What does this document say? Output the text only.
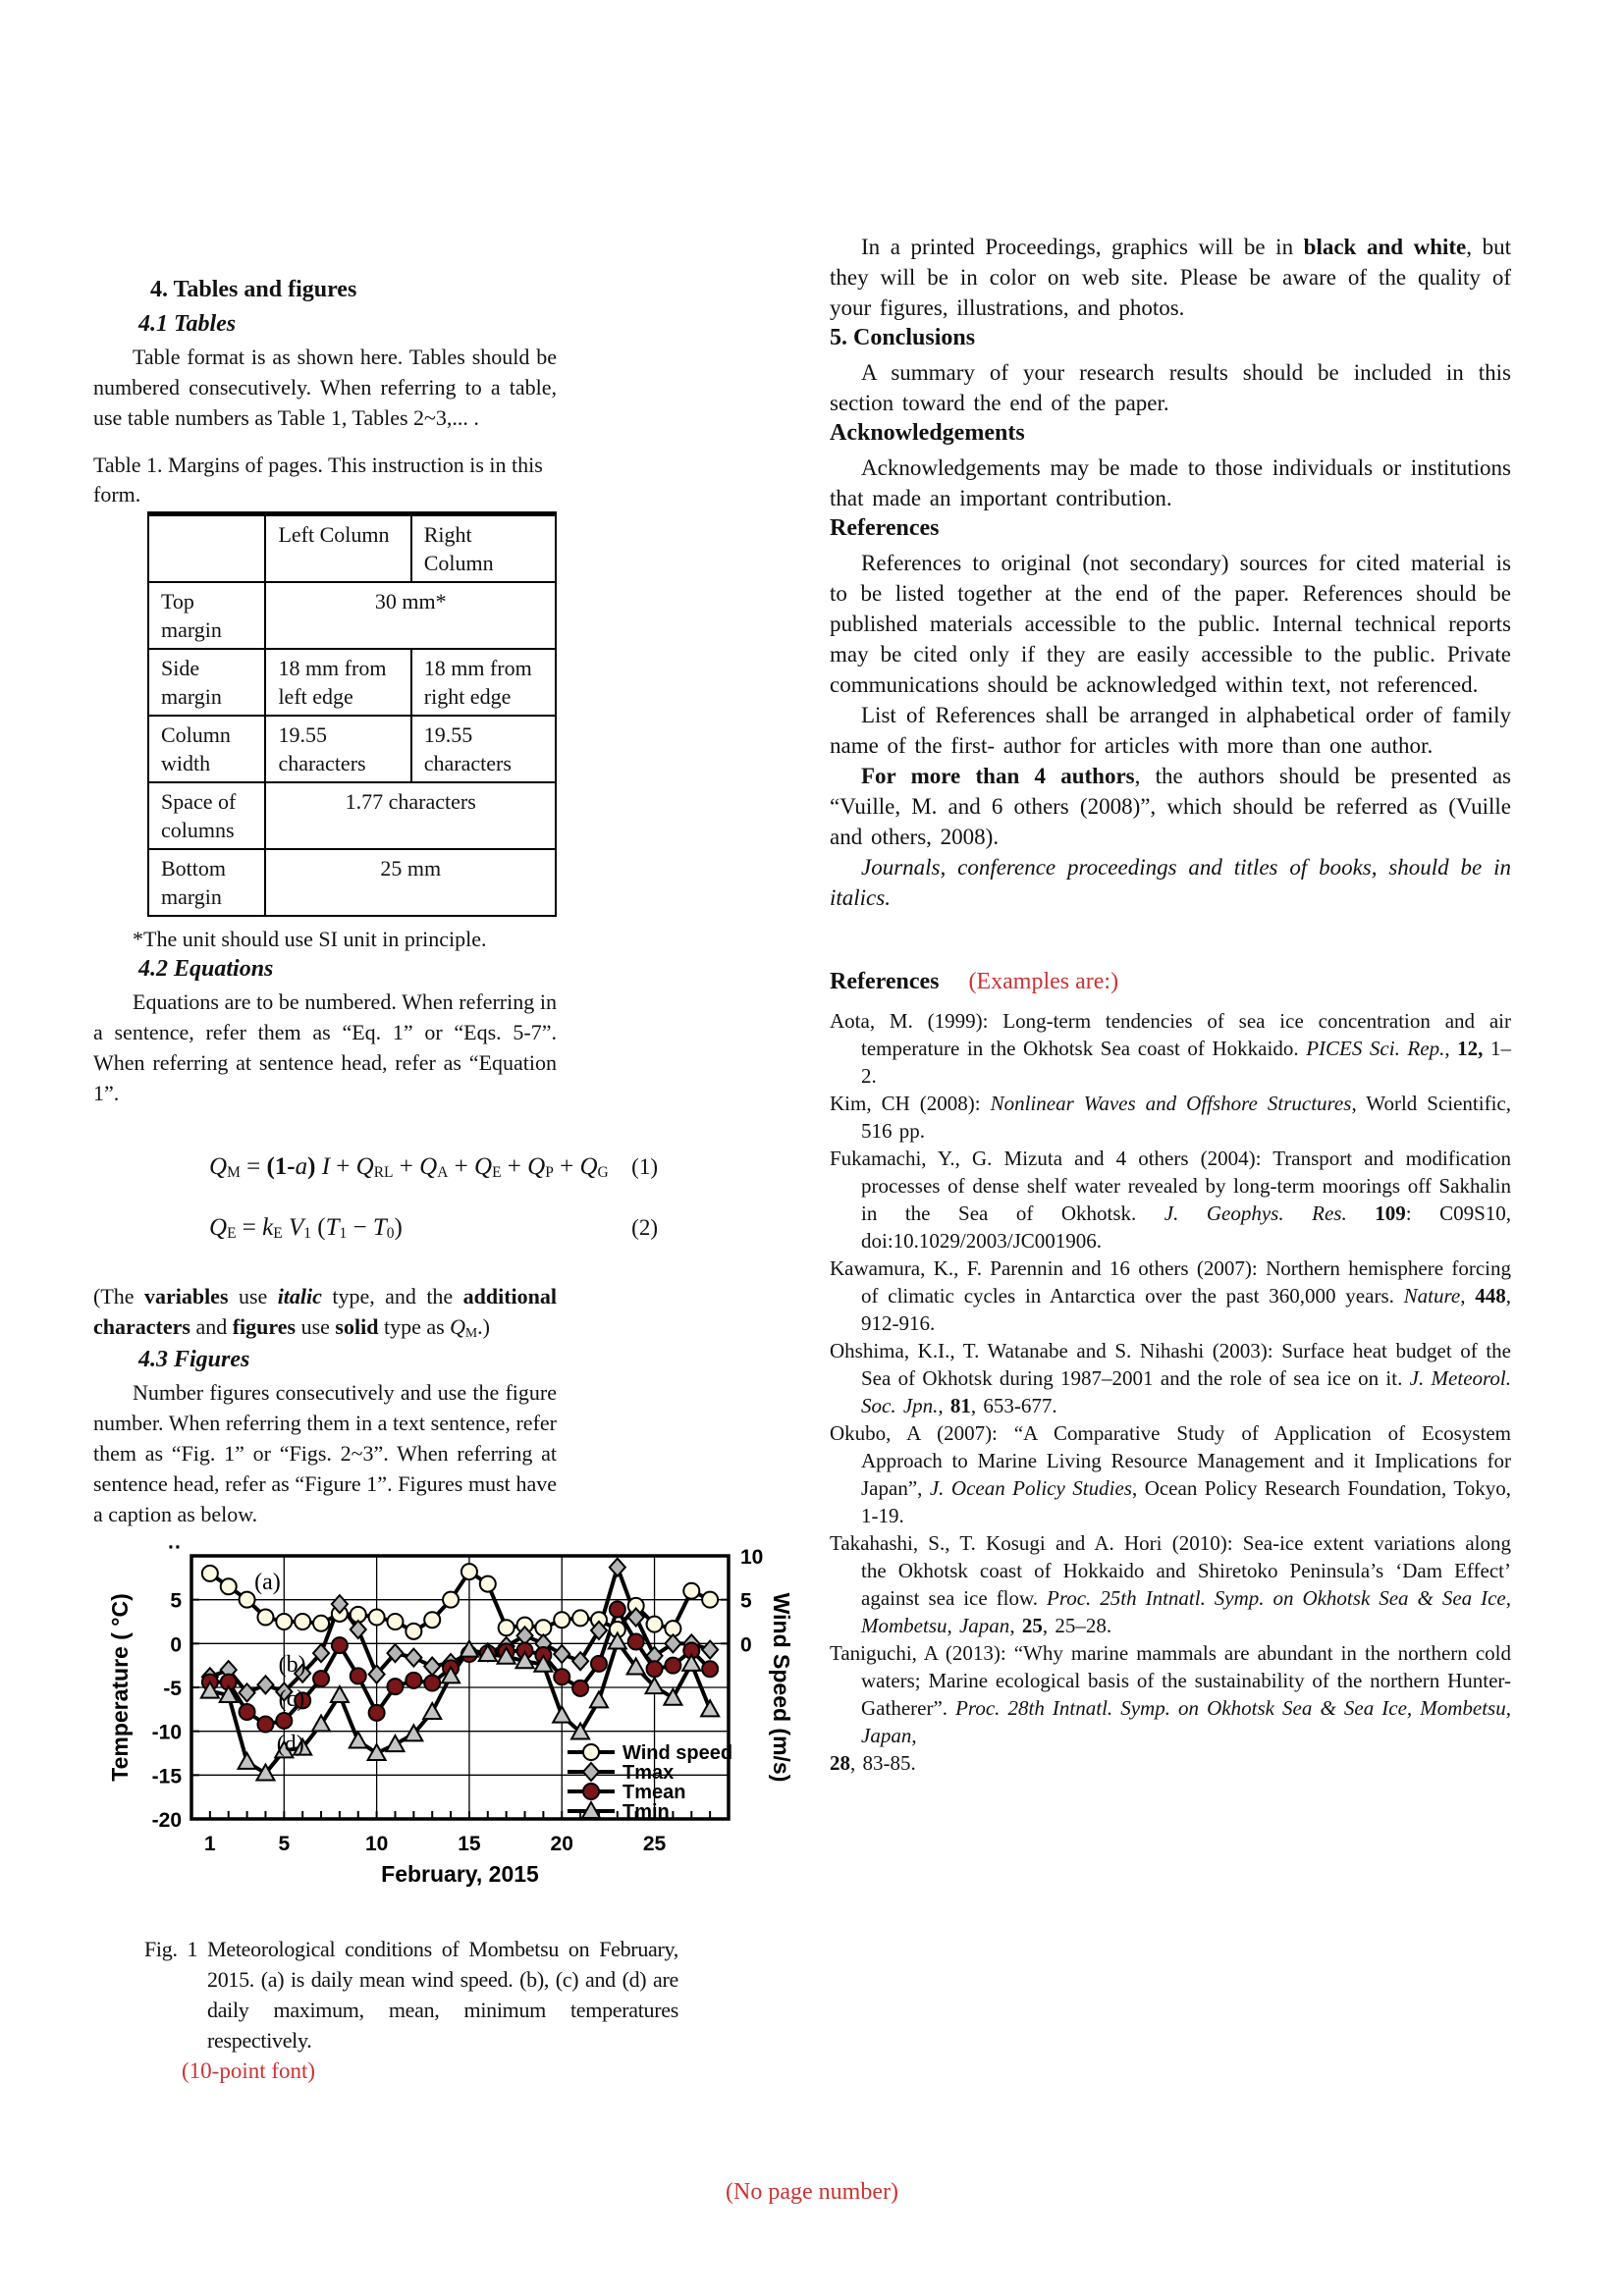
4. Tables and figures
4.1 Tables

Table format is as shown here. Tables should be numbered consecutively. When referring to a table, use table numbers as Table 1, Tables 2~3,... .

Table 1. Margins of pages. This instruction is in this form.

	Left Column	Right Column
Top margin	30 mm*	
Side margin	18 mm from left edge	18 mm from right edge
Column width	19.55 characters	19.55 characters
Space of columns	1.77 characters	
Bottom margin	25 mm	

*The unit should use SI unit in principle.

4.2 Equations

Equations are to be numbered. When referring in a sentence, refer them as “Eq. 1” or “Eqs. 5-7”. When referring at sentence head, refer as “Equation 1”.

QM = (1-a) I + QRL + QA + QE + QP + QG (1)
QE = kE V1 (T1 − T0)	(2)

(The variables use italic type, and the additional characters and figures use solid type as QM.)

4.3 Figures

Number figures consecutively and use the figure number. When referring them in a text sentence, refer them as “Fig. 1” or “Figs. 2~3”. When referring at sentence head, refer as “Figure 1”. Figures must have a caption as below.

5
0
-5
-10
-15
-20
··	10
5
0
1	5	10	15	20	25
Temperature ( °C)	Wind Speed (m/s)
February, 2015
(a)
(b)
(c)
(d)	Wind speed
Tmax
Tmean
Tmin

Fig. 1 Meteorological conditions of Mombetsu on February, 2015. (a) is daily mean wind speed. (b), (c) and (d) are daily maximum, mean, minimum temperatures respectively.

(10-point font)

In a printed Proceedings, graphics will be in black and white, but they will be in color on web site. Please be aware of the quality of your figures, illustrations, and photos.

5. Conclusions

A summary of your research results should be included in this section toward the end of the paper.

Acknowledgements

Acknowledgements may be made to those individuals or institutions that made an important contribution.

References

References to original (not secondary) sources for cited material is to be listed together at the end of the paper. References should be published materials accessible to the public. Internal technical reports may be cited only if they are easily accessible to the public. Private communications should be acknowledged within text, not referenced.

List of References shall be arranged in alphabetical order of family name of the first- author for articles with more than one author.

For more than 4 authors, the authors should be presented as “Vuille, M. and 6 others (2008)”, which should be referred as (Vuille and others, 2008).

Journals, conference proceedings and titles of books, should be in italics.

References (Examples are:)
Aota, M. (1999): Long-term tendencies of sea ice concentration and air temperature in the Okhotsk Sea coast of Hokkaido. PICES Sci. Rep., 12, 1–2.
Kim, CH (2008): Nonlinear Waves and Offshore Structures, World Scientific, 516 pp.
Fukamachi, Y., G. Mizuta and 4 others (2004): Transport and modification processes of dense shelf water revealed by long-term moorings off Sakhalin in the Sea of Okhotsk. J. Geophys. Res. 109: C09S10, doi:10.1029/2003/JC001906.
Kawamura, K., F. Parennin and 16 others (2007): Northern hemisphere forcing of climatic cycles in Antarctica over the past 360,000 years. Nature, 448, 912-916.
Ohshima, K.I., T. Watanabe and S. Nihashi (2003): Surface heat budget of the Sea of Okhotsk during 1987–2001 and the role of sea ice on it. J. Meteorol. Soc. Jpn., 81, 653-677.
Okubo, A (2007): “A Comparative Study of Application of Ecosystem Approach to Marine Living Resource Management and it Implications for Japan”, J. Ocean Policy Studies, Ocean Policy Research Foundation, Tokyo, 1-19.
Takahashi, S., T. Kosugi and A. Hori (2010): Sea-ice extent variations along the Okhotsk coast of Hokkaido and Shiretoko Peninsula’s ‘Dam Effect’ against sea ice flow. Proc. 25th Intnatl. Symp. on Okhotsk Sea & Sea Ice, Mombetsu, Japan, 25, 25–28.
Taniguchi, A (2013): “Why marine mammals are abundant in the northern cold waters; Marine ecological basis of the sustainability of the northern Hunter-Gatherer”. Proc. 28th Intnatl. Symp. on Okhotsk Sea & Sea Ice, Mombetsu, Japan,
28, 83-85.

(No page number)
